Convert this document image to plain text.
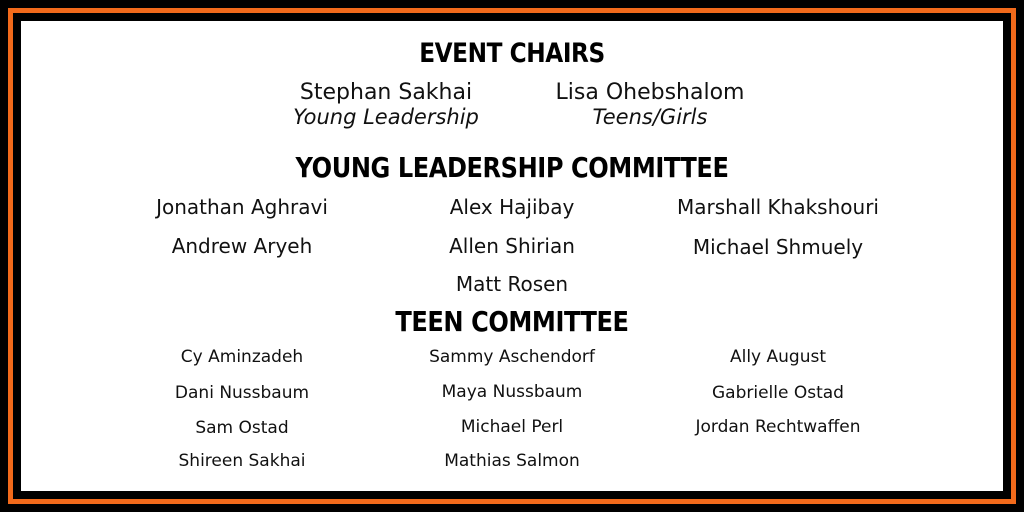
EVENT CHAIRS
Stephan Sakhai
Young Leadership
Lisa Ohebshalom
Teens/Girls
YOUNG LEADERSHIP COMMITTEE
Jonathan Aghravi	Alex Hajibay	Marshall Khakshouri
Andrew Aryeh	Allen Shirian	Michael Shmuely
Matt Rosen
TEEN COMMITTEE
Cy Aminzadeh	Sammy Aschendorf	Ally August
Dani Nussbaum	Maya Nussbaum	Gabrielle Ostad
Sam Ostad	Michael Perl	Jordan Rechtwaffen
Shireen Sakhai	Mathias Salmon
